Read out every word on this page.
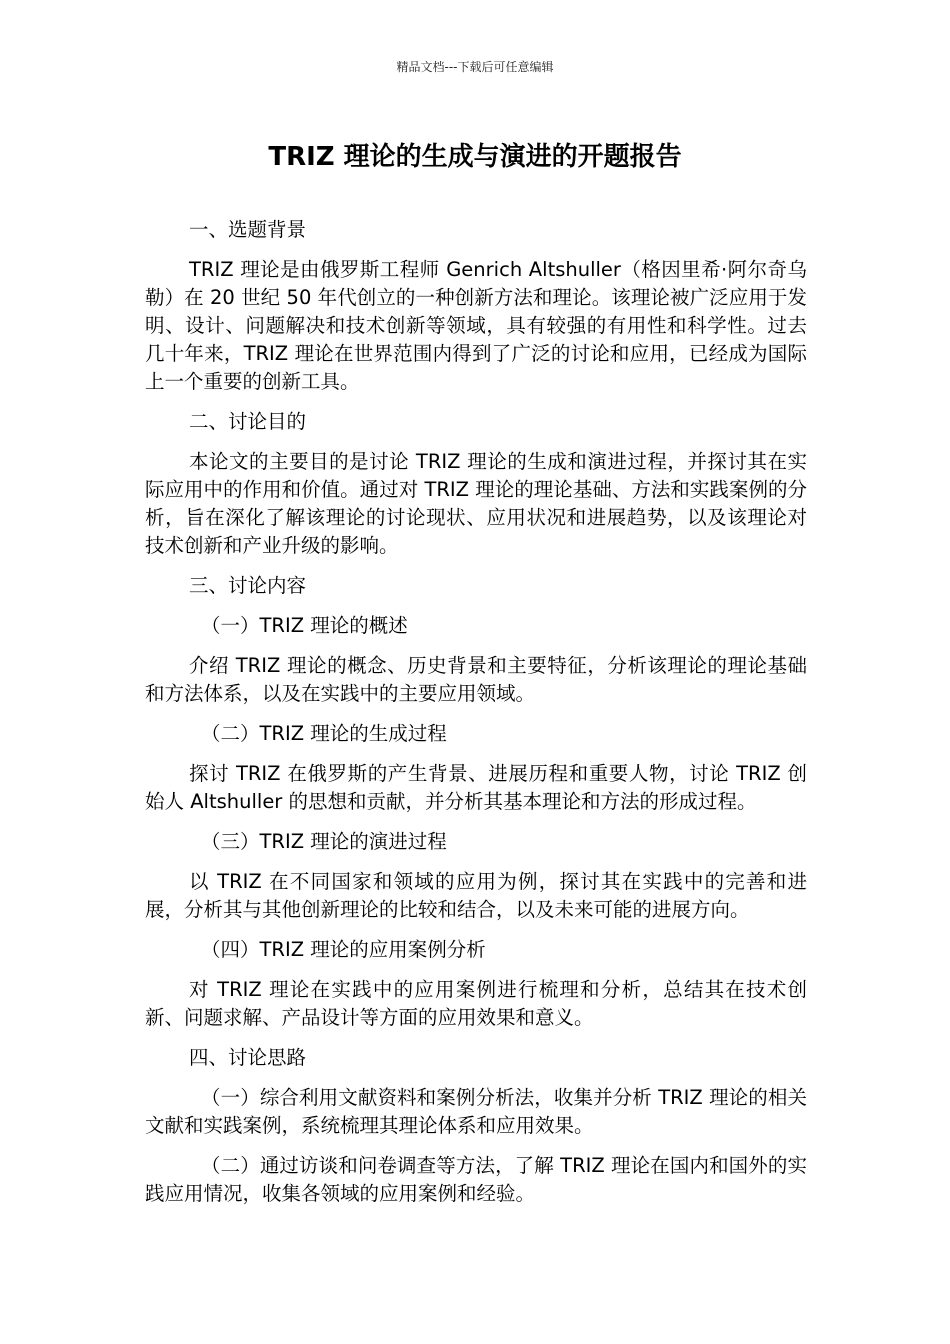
精品文档---下载后可任意编辑
TRIZ 理论的生成与演进的开题报告
一、选题背景
TRIZ 理论是由俄罗斯工程师 Genrich Altshuller（格因里希·阿尔奇乌勒）在 20 世纪 50 年代创立的一种创新方法和理论。该理论被广泛应用于发明、设计、问题解决和技术创新等领域，具有较强的有用性和科学性。过去几十年来，TRIZ 理论在世界范围内得到了广泛的讨论和应用，已经成为国际上一个重要的创新工具。
二、讨论目的
本论文的主要目的是讨论 TRIZ 理论的生成和演进过程，并探讨其在实际应用中的作用和价值。通过对 TRIZ 理论的理论基础、方法和实践案例的分析，旨在深化了解该理论的讨论现状、应用状况和进展趋势，以及该理论对技术创新和产业升级的影响。
三、讨论内容
（一）TRIZ 理论的概述
介绍 TRIZ 理论的概念、历史背景和主要特征，分析该理论的理论基础和方法体系，以及在实践中的主要应用领域。
（二）TRIZ 理论的生成过程
探讨 TRIZ 在俄罗斯的产生背景、进展历程和重要人物，讨论 TRIZ 创始人 Altshuller 的思想和贡献，并分析其基本理论和方法的形成过程。
（三）TRIZ 理论的演进过程
以 TRIZ 在不同国家和领域的应用为例，探讨其在实践中的完善和进展，分析其与其他创新理论的比较和结合，以及未来可能的进展方向。
（四）TRIZ 理论的应用案例分析
对 TRIZ 理论在实践中的应用案例进行梳理和分析，总结其在技术创新、问题求解、产品设计等方面的应用效果和意义。
四、讨论思路
（一）综合利用文献资料和案例分析法，收集并分析 TRIZ 理论的相关文献和实践案例，系统梳理其理论体系和应用效果。
（二）通过访谈和问卷调查等方法，了解 TRIZ 理论在国内和国外的实践应用情况，收集各领域的应用案例和经验。
